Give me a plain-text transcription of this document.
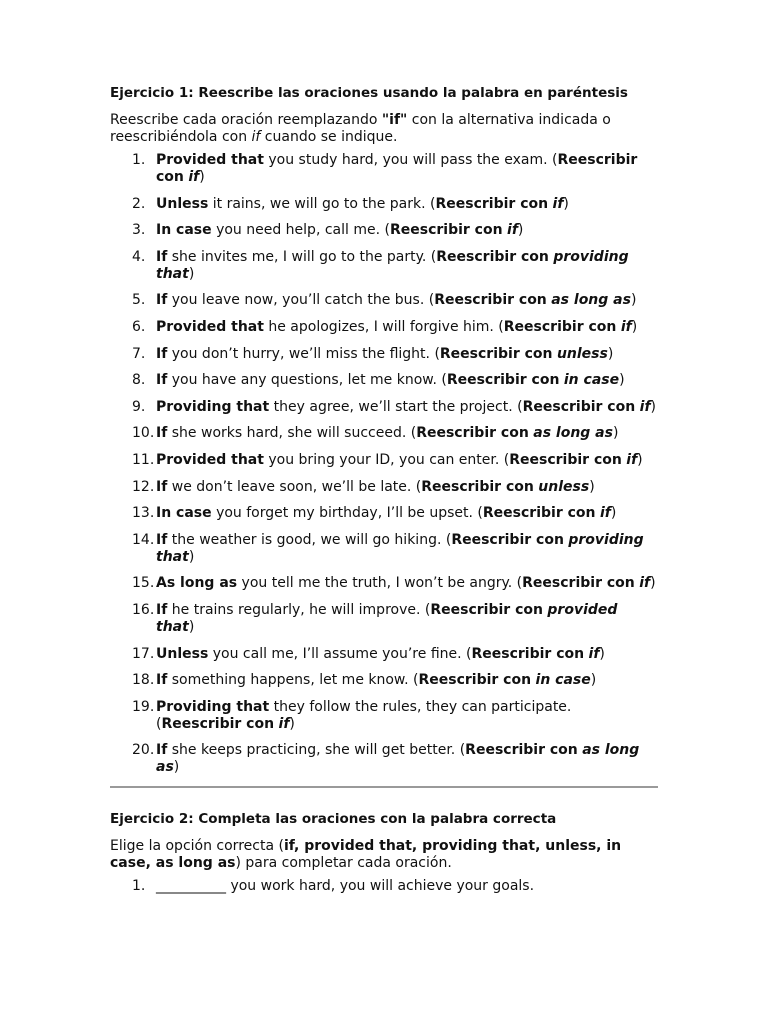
Ejercicio 1: Reescribe las oraciones usando la palabra en paréntesis

Reescribe cada oración reemplazando "if" con la alternativa indicada o reescribiéndola con if cuando se indique.

1. Provided that you study hard, you will pass the exam. (Reescribir con if)
2. Unless it rains, we will go to the park. (Reescribir con if)
3. In case you need help, call me. (Reescribir con if)
4. If she invites me, I will go to the party. (Reescribir con providing that)
5. If you leave now, you’ll catch the bus. (Reescribir con as long as)
6. Provided that he apologizes, I will forgive him. (Reescribir con if)
7. If you don’t hurry, we’ll miss the flight. (Reescribir con unless)
8. If you have any questions, let me know. (Reescribir con in case)
9. Providing that they agree, we’ll start the project. (Reescribir con if)
10. If she works hard, she will succeed. (Reescribir con as long as)
11. Provided that you bring your ID, you can enter. (Reescribir con if)
12. If we don’t leave soon, we’ll be late. (Reescribir con unless)
13. In case you forget my birthday, I’ll be upset. (Reescribir con if)
14. If the weather is good, we will go hiking. (Reescribir con providing that)
15. As long as you tell me the truth, I won’t be angry. (Reescribir con if)
16. If he trains regularly, he will improve. (Reescribir con provided that)
17. Unless you call me, I’ll assume you’re fine. (Reescribir con if)
18. If something happens, let me know. (Reescribir con in case)
19. Providing that they follow the rules, they can participate. (Reescribir con if)
20. If she keeps practicing, she will get better. (Reescribir con as long as)
Ejercicio 2: Completa las oraciones con la palabra correcta

Elige la opción correcta (if, provided that, providing that, unless, in case, as long as) para completar cada oración.

1. __________ you work hard, you will achieve your goals.
